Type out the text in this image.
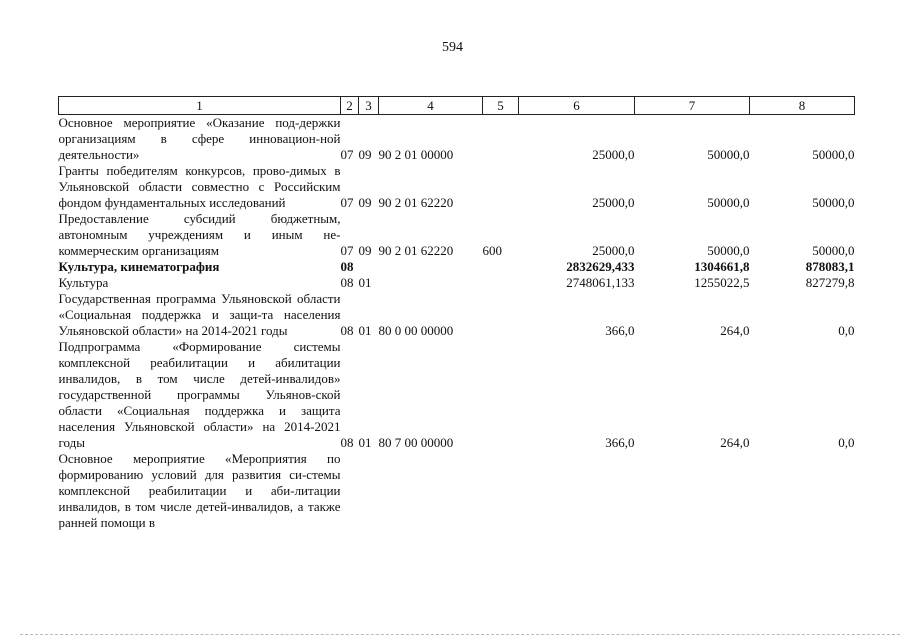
594
1	2	3	4	5	6	7	8
Основное мероприятие «Оказание под-держки организациям в сфере инновацион-ной деятельности»	07	09	90 2 01 00000		25000,0	50000,0	50000,0
Гранты победителям конкурсов, прово-димых в Ульяновской области совместно с Российским фондом фундаментальных исследований	07	09	90 2 01 62220		25000,0	50000,0	50000,0
Предоставление субсидий бюджетным, автономным учреждениям и иным не-коммерческим организациям	07	09	90 2 01 62220	600	25000,0	50000,0	50000,0
Культура, кинематография	08				2832629,433	1304661,8	878083,1
Культура	08	01			2748061,133	1255022,5	827279,8
Государственная программа Ульяновской области «Социальная поддержка и защи-та населения Ульяновской области» на 2014-2021 годы	08	01	80 0 00 00000		366,0	264,0	0,0
Подпрограмма «Формирование системы комплексной реабилитации и абилитации инвалидов, в том числе детей-инвалидов» государственной программы Ульянов-ской области «Социальная поддержка и защита населения Ульяновской области» на 2014-2021 годы	08	01	80 7 00 00000		366,0	264,0	0,0
Основное мероприятие «Мероприятия по формированию условий для развития си-стемы комплексной реабилитации и аби-литации инвалидов, в том числе детей-инвалидов, а также ранней помощи в							
